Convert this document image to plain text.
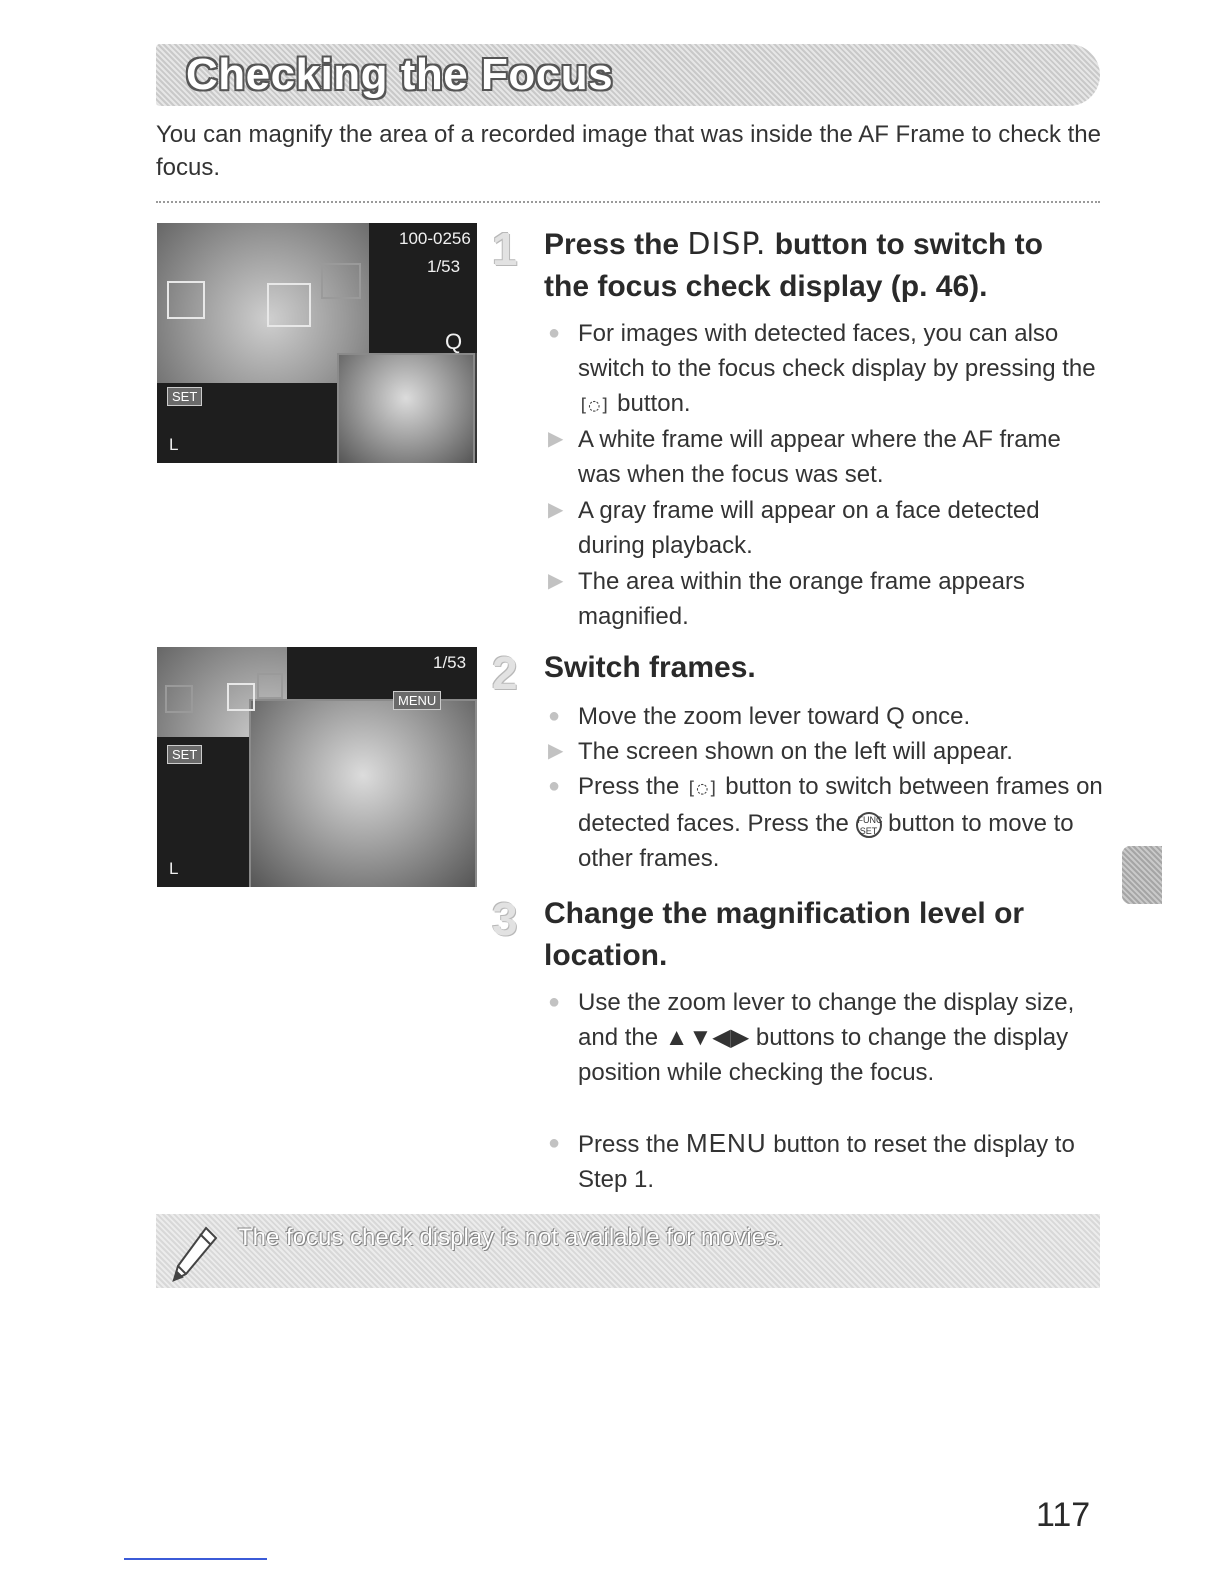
Checking the Focus
You can magnify the area of a recorded image that was inside the AF Frame to check the focus.
100-0256
1/53
Q
SET
L
1/53
MENU
SET
L
1 Press the DISP. button to switch to
the focus check display (p. 46).
● For images with detected faces, you can also switch to the focus check display by pressing the [◌] button.
▶ A white frame will appear where the AF frame was when the focus was set.
▶ A gray frame will appear on a face detected during playback.
▶ The area within the orange frame appears magnified.
2 Switch frames.
● Move the zoom lever toward Q once.
▶ The screen shown on the left will appear.
● Press the [◌] button to switch between frames on detected faces. Press the FUNC SET button to move to other frames.
3 Change the magnification level or
location.
● Use the zoom lever to change the display size, and the ▲▼◀▶ buttons to change the display position while checking the focus.
● Press the MENU button to reset the display to Step 1.
The focus check display is not available for movies.
117
